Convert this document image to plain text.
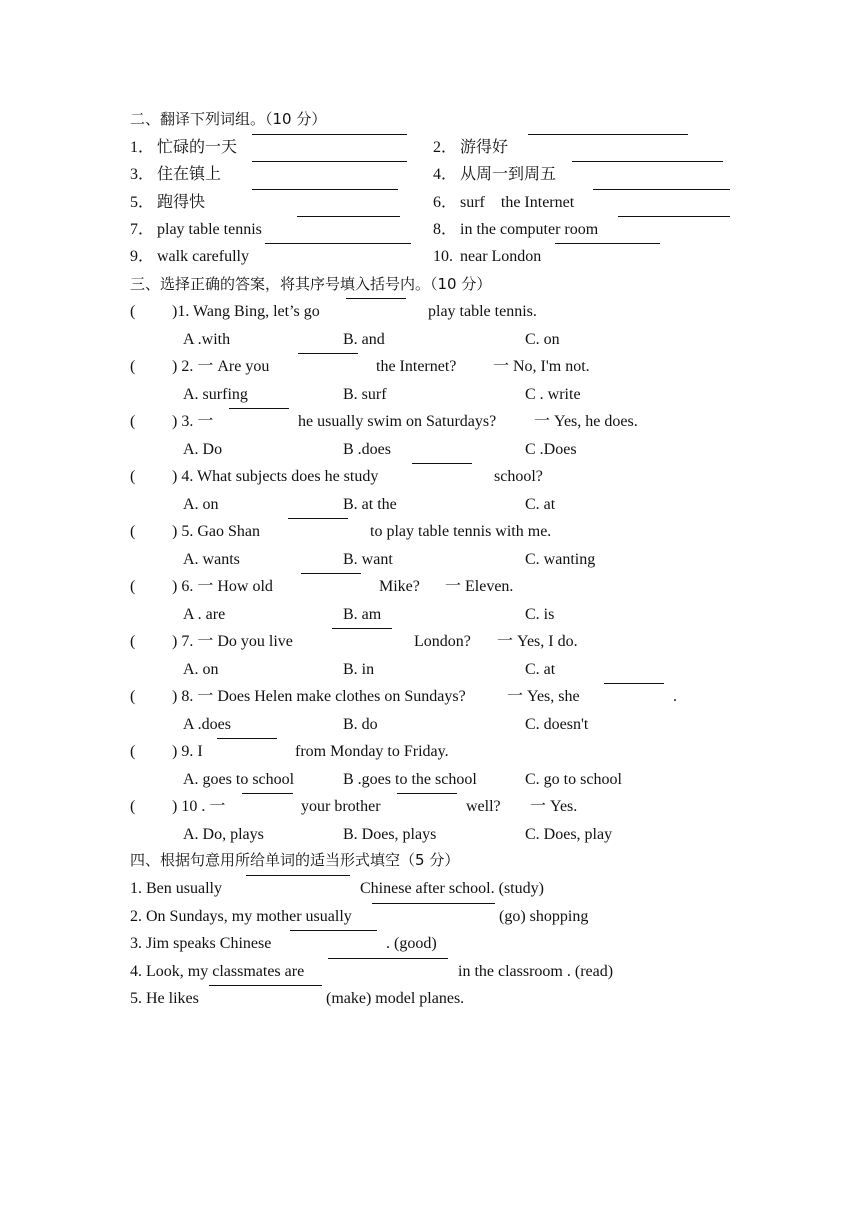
二、翻译下列词组。（10 分）
1． 忙碌的一天	2． 游得好
3． 住在镇上	4． 从周一到周五
5． 跑得快	6． surf　the Internet
7． play table tennis	8． in the computer room
9． walk carefully	10. near London
三、选择正确的答案，将其序号填入括号内。（10 分）
( )1. Wang Bing, let’s go	play table tennis.
A .with	B. and	C. on
( ) 2. 一 Are you	the Internet? 一 No, I'm not.
A. surfing	B. surf	C . write
( ) 3. 一	he usually swim on Saturdays? 一 Yes, he does.
A. Do	B .does	C .Does
( ) 4. What subjects does he study	school?
A. on	B. at the	C. at
( ) 5. Gao Shan	to play table tennis with me.
A. wants	B. want	C. wanting
( ) 6. 一 How old	Mike? 一 Eleven.
A . are	B. am	C. is
( ) 7. 一 Do you live	London? 一 Yes, I do.
A. on	B. in	C. at
( ) 8. 一 Does Helen make clothes on Sundays?	一 Yes, she	.
A .does	B. do	C. doesn't
( ) 9. I	from Monday to Friday.
A. goes to school	B .goes to the school	C. go to school
( ) 10 . 一	your brother	well? 一 Yes.
A. Do, plays	B. Does, plays	C. Does, play
四、根据句意用所给单词的适当形式填空（5 分）
1. Ben usually	Chinese after school. (study)
2. On Sundays, my mother usually	(go) shopping
3. Jim speaks Chinese	. (good)
4. Look, my classmates are	in the classroom . (read)
5. He likes	(make) model planes.
